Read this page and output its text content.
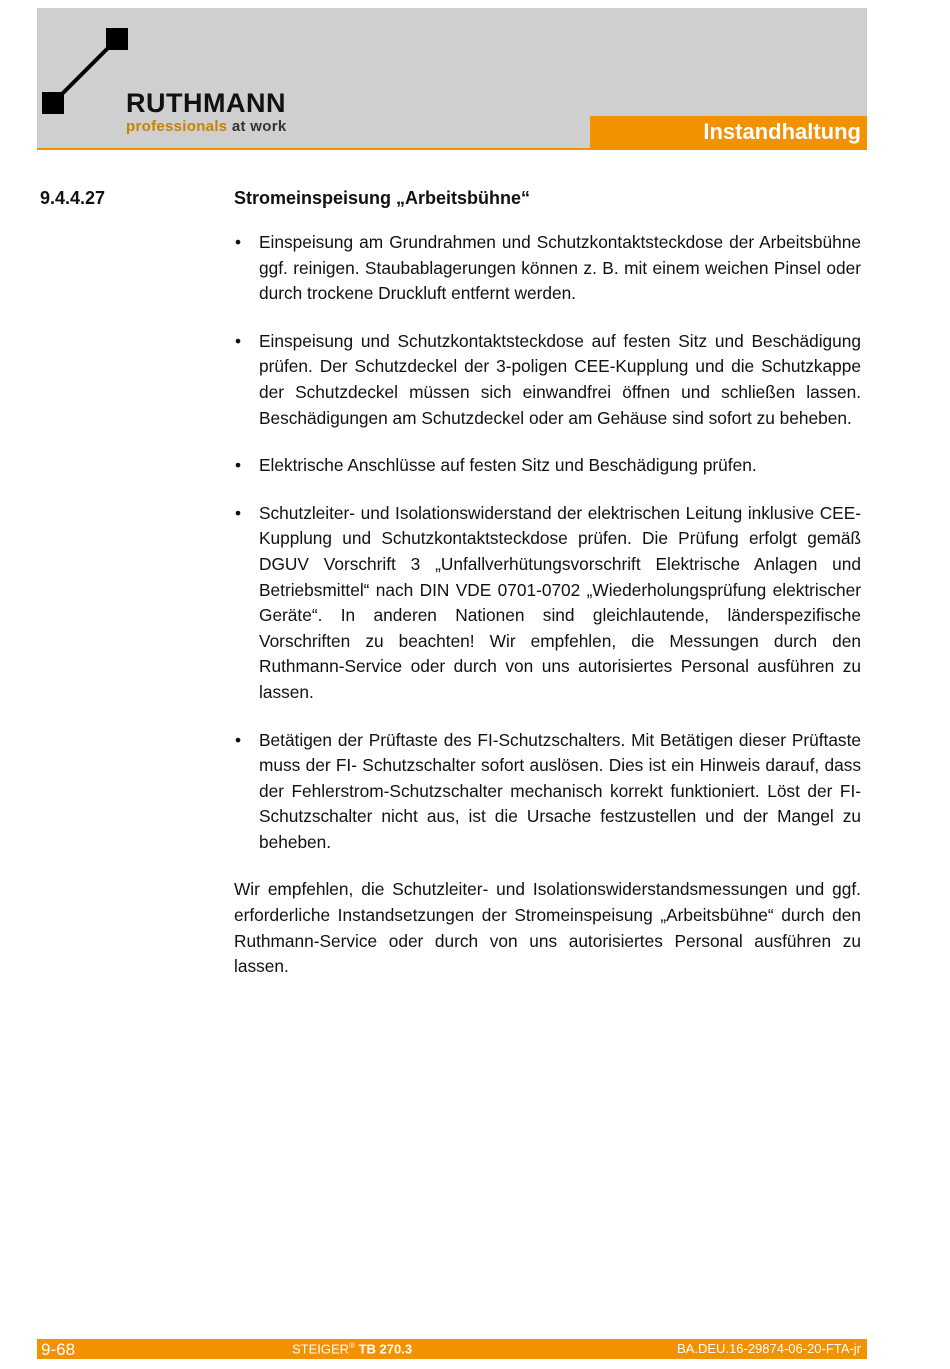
RUTHMANN
professionals at work	Instandhaltung
9.4.4.27	Stromeinspeisung „Arbeitsbühne“
• Einspeisung am Grundrahmen und Schutzkontaktsteckdose der Arbeitsbühne ggf. reinigen. Staubablagerungen können z. B. mit einem weichen Pinsel oder durch trockene Druckluft entfernt werden.
• Einspeisung und Schutzkontaktsteckdose auf festen Sitz und Beschädigung prüfen. Der Schutzdeckel der 3-poligen CEE-Kupplung und die Schutzkappe der Schutzdeckel müssen sich einwandfrei öffnen und schließen lassen. Beschädigungen am Schutzdeckel oder am Gehäuse sind sofort zu beheben.
• Elektrische Anschlüsse auf festen Sitz und Beschädigung prüfen.
• Schutzleiter- und Isolationswiderstand der elektrischen Leitung inklusive CEE-Kupplung und Schutzkontaktsteckdose prüfen. Die Prüfung erfolgt gemäß DGUV Vorschrift 3 „Unfallverhütungsvorschrift Elektrische Anlagen und Betriebsmittel“ nach DIN VDE 0701-0702 „Wiederholungsprüfung elektrischer Geräte“. In anderen Nationen sind gleichlautende, länderspezifische Vorschriften zu beachten! Wir empfehlen, die Messungen durch den Ruthmann-Service oder durch von uns autorisiertes Personal ausführen zu lassen.
• Betätigen der Prüftaste des FI-Schutzschalters. Mit Betätigen dieser Prüftaste muss der FI- Schutzschalter sofort auslösen. Dies ist ein Hinweis darauf, dass der Fehlerstrom-Schutzschalter mechanisch korrekt funktioniert. Löst der FI-Schutzschalter nicht aus, ist die Ursache festzustellen und der Mangel zu beheben.

Wir empfehlen, die Schutzleiter- und Isolationswiderstandsmessungen und ggf. erforderliche Instandsetzungen der Stromeinspeisung „Arbeitsbühne“ durch den Ruthmann-Service oder durch von uns autorisiertes Personal ausführen zu lassen.

9-68	STEIGER® TB 270.3	BA.DEU.16-29874-06-20-FTA-jr
